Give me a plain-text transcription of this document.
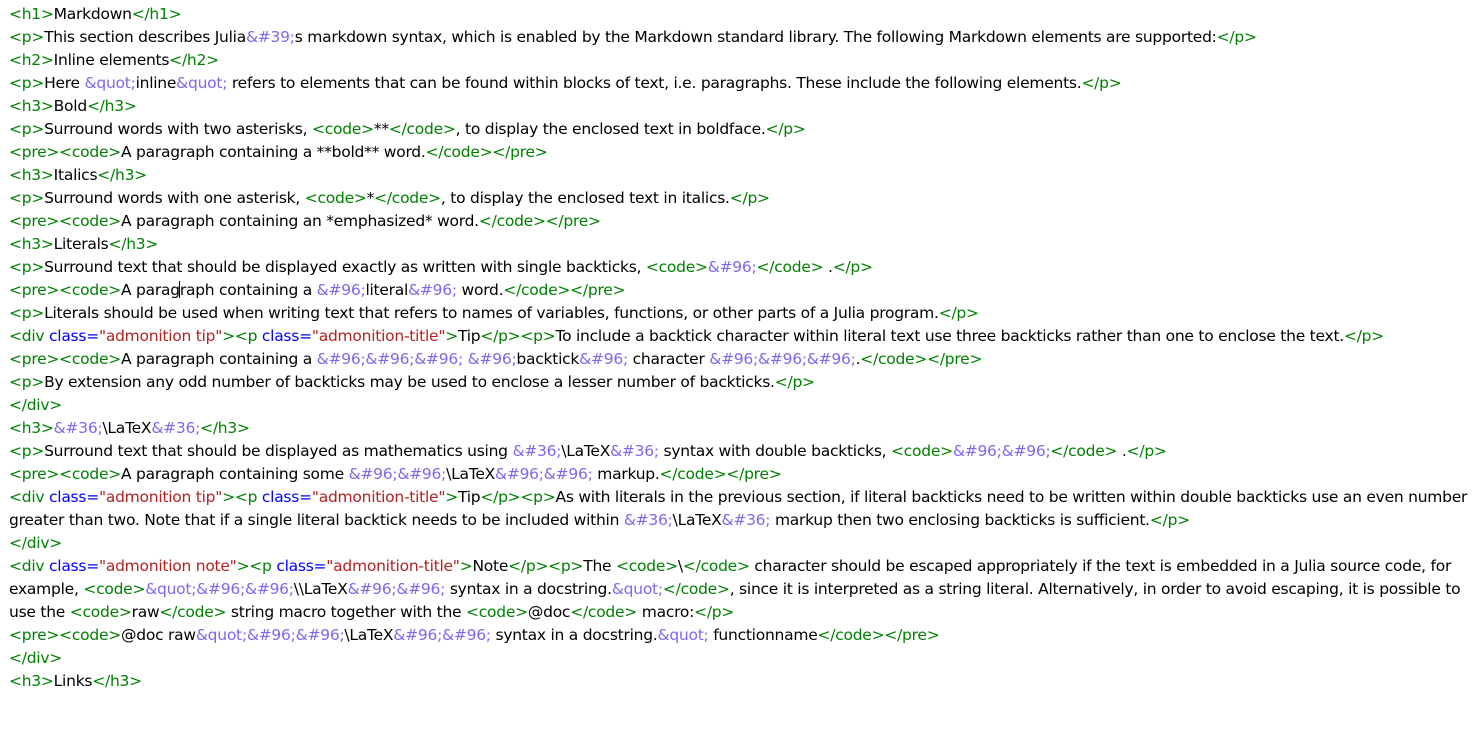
<h1>Markdown</h1>
<p>This section describes Julia&#39;s markdown syntax, which is enabled by the Markdown standard library. The following Markdown elements are supported:</p>
<h2>Inline elements</h2>
<p>Here &quot;inline&quot; refers to elements that can be found within blocks of text, i.e. paragraphs. These include the following elements.</p>
<h3>Bold</h3>
<p>Surround words with two asterisks, <code>**</code>, to display the enclosed text in boldface.</p>
<pre><code>A paragraph containing a **bold** word.</code></pre>
<h3>Italics</h3>
<p>Surround words with one asterisk, <code>*</code>, to display the enclosed text in italics.</p>
<pre><code>A paragraph containing an *emphasized* word.</code></pre>
<h3>Literals</h3>
<p>Surround text that should be displayed exactly as written with single backticks, <code>&#96;</code> .</p>
<pre><code>A paragraph containing a &#96;literal&#96; word.</code></pre>
<p>Literals should be used when writing text that refers to names of variables, functions, or other parts of a Julia program.</p>
<div class="admonition tip"><p class="admonition-title">Tip</p><p>To include a backtick character within literal text use three backticks rather than one to enclose the text.</p>
<pre><code>A paragraph containing a &#96;&#96;&#96; &#96;backtick&#96; character &#96;&#96;&#96;.</code></pre>
<p>By extension any odd number of backticks may be used to enclose a lesser number of backticks.</p>
</div>
<h3>&#36;\LaTeX&#36;</h3>
<p>Surround text that should be displayed as mathematics using &#36;\LaTeX&#36; syntax with double backticks, <code>&#96;&#96;</code> .</p>
<pre><code>A paragraph containing some &#96;&#96;\LaTeX&#96;&#96; markup.</code></pre>
<div class="admonition tip"><p class="admonition-title">Tip</p><p>As with literals in the previous section, if literal backticks need to be written within double backticks use an even number greater than two. Note that if a single literal backtick needs to be included within &#36;\LaTeX&#36; markup then two enclosing backticks is sufficient.</p>
</div>
<div class="admonition note"><p class="admonition-title">Note</p><p>The <code>\</code> character should be escaped appropriately if the text is embedded in a Julia source code, for example, <code>&quot;&#96;&#96;\\LaTeX&#96;&#96; syntax in a docstring.&quot;</code>, since it is interpreted as a string literal. Alternatively, in order to avoid escaping, it is possible to use the <code>raw</code> string macro together with the <code>@doc</code> macro:</p>
<pre><code>@doc raw&quot;&#96;&#96;\LaTeX&#96;&#96; syntax in a docstring.&quot; functionname</code></pre>
</div>
<h3>Links</h3>
